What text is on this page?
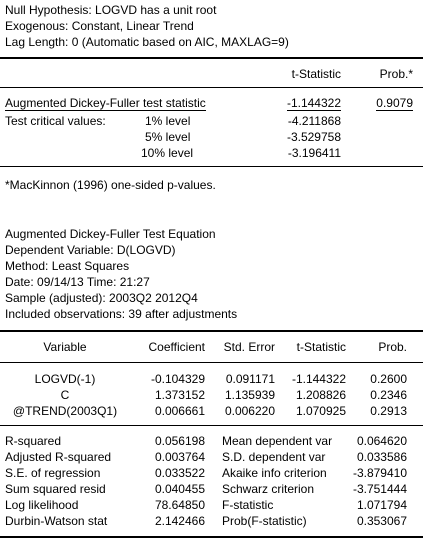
Null Hypothesis: LOGVD has a unit root
Exogenous: Constant, Linear Trend
Lag Length: 0 (Automatic based on AIC, MAXLAG=9)
t-Statistic	Prob.*
Augmented Dickey-Fuller test statistic	-1.144322	0.9079
Test critical values:	1% level	-4.211868
5% level	-3.529758
10% level	-3.196411
*MacKinnon (1996) one-sided p-values.
Augmented Dickey-Fuller Test Equation
Dependent Variable: D(LOGVD)
Method: Least Squares
Date: 09/14/13 Time: 21:27
Sample (adjusted): 2003Q2 2012Q4
Included observations: 39 after adjustments
Variable	Coefficient Std. Error t-Statistic	Prob.
LOGVD(-1)	-0.104329 0.091171 -1.144322 0.2600
C	1.373152 1.135939 1.208826 0.2346
@TREND(2003Q1)	0.006661 0.006220 1.070925 0.2913
R-squared	0.056198 Mean dependent var 0.064620
Adjusted R-squared	0.003764 S.D. dependent var	0.033586
S.E. of regression	0.033522 Akaike info criterion -3.879410
Sum squared resid	0.040455 Schwarz criterion	-3.751444
Log likelihood	78.64850 F-statistic	1.071794
Durbin-Watson stat	2.142466 Prob(F-statistic)	0.353067
